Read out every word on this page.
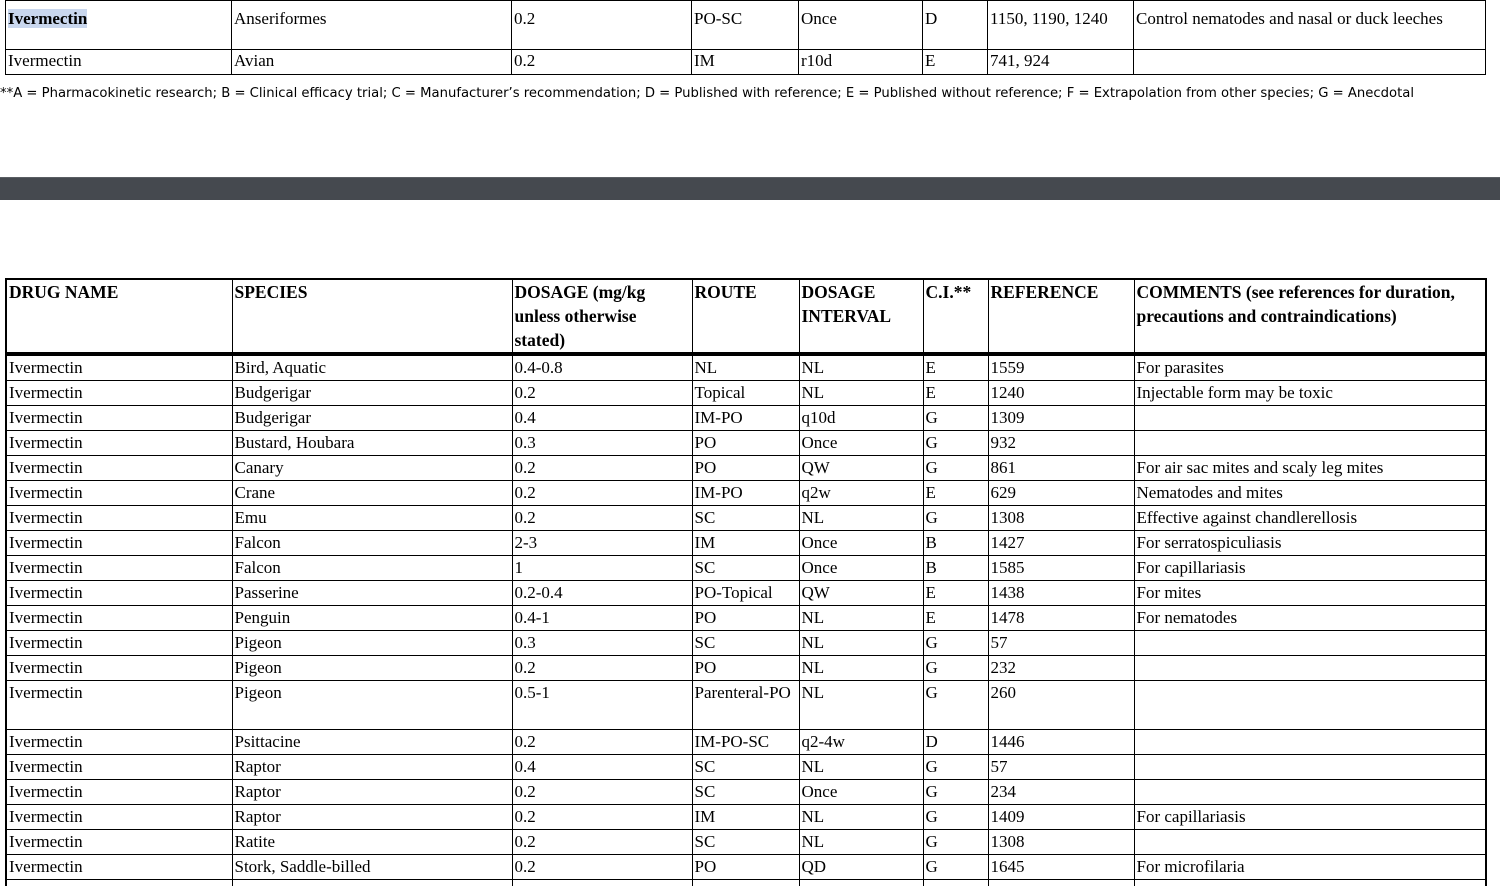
Ivermectin	Anseriformes	0.2	PO-SC	Once	D	1150, 1190, 1240	Control nematodes and nasal or duck leeches
Ivermectin	Avian	0.2	IM	r10d	E	741, 924	
**A = Pharmacokinetic research; B = Clinical efficacy trial; C = Manufacturer’s recommendation; D = Published with reference; E = Published without reference; F = Extrapolation from other species; G = Anecdotal
DRUG NAME	SPECIES	DOSAGE (mg/kg unless otherwise stated)	ROUTE	DOSAGE INTERVAL	C.I.**	REFERENCE	COMMENTS (see references for duration, precautions and contraindications)
Ivermectin	Bird, Aquatic	0.4-0.8	NL	NL	E	1559	For parasites
Ivermectin	Budgerigar	0.2	Topical	NL	E	1240	Injectable form may be toxic
Ivermectin	Budgerigar	0.4	IM-PO	q10d	G	1309	
Ivermectin	Bustard, Houbara	0.3	PO	Once	G	932	
Ivermectin	Canary	0.2	PO	QW	G	861	For air sac mites and scaly leg mites
Ivermectin	Crane	0.2	IM-PO	q2w	E	629	Nematodes and mites
Ivermectin	Emu	0.2	SC	NL	G	1308	Effective against chandlerellosis
Ivermectin	Falcon	2-3	IM	Once	B	1427	For serratospiculiasis
Ivermectin	Falcon	1	SC	Once	B	1585	For capillariasis
Ivermectin	Passerine	0.2-0.4	PO-Topical	QW	E	1438	For mites
Ivermectin	Penguin	0.4-1	PO	NL	E	1478	For nematodes
Ivermectin	Pigeon	0.3	SC	NL	G	57	
Ivermectin	Pigeon	0.2	PO	NL	G	232	
Ivermectin	Pigeon	0.5-1	Parenteral-PO	NL	G	260	
Ivermectin	Psittacine	0.2	IM-PO-SC	q2-4w	D	1446	
Ivermectin	Raptor	0.4	SC	NL	G	57	
Ivermectin	Raptor	0.2	SC	Once	G	234	
Ivermectin	Raptor	0.2	IM	NL	G	1409	For capillariasis
Ivermectin	Ratite	0.2	SC	NL	G	1308	
Ivermectin	Stork, Saddle-billed	0.2	PO	QD	G	1645	For microfilaria
